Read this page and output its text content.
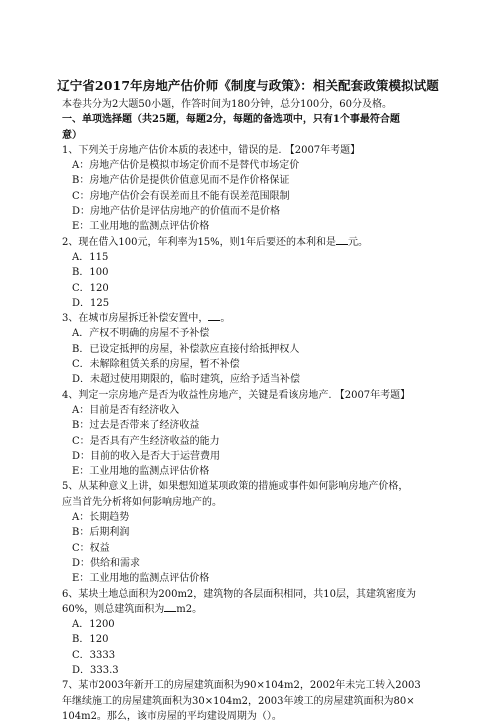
辽宁省2017年房地产估价师《制度与政策》：相关配套政策模拟试题
本卷共分为2大题50小题，作答时间为180分钟，总分100分，60分及格。
一、单项选择题（共25题，每题2分，每题的备选项中，只有1个事最符合题
意）
1、下列关于房地产估价本质的表述中，错误的是. 【2007年考题】
A：房地产估价是模拟市场定价而不是替代市场定价
B：房地产估价是提供价值意见而不是作价格保证
C：房地产估价会有误差而且不能有误差范围限制
D：房地产估价是评估房地产的价值而不是价格
E：工业用地的监测点评估价格
2、现在借入100元，年利率为15%，则1年后要还的本利和是 元。
A．115
B．100
C．120
D．125
3、在城市房屋拆迁补偿安置中， 。
A．产权不明确的房屋不予补偿
B．已设定抵押的房屋，补偿款应直接付给抵押权人
C．未解除租赁关系的房屋，暂不补偿
D．未超过使用期限的，临时建筑，应给予适当补偿
4、判定一宗房地产是否为收益性房地产，关键是看该房地产. 【2007年考题】
A：目前是否有经济收入
B：过去是否带来了经济收益
C：是否具有产生经济收益的能力
D：目前的收入是否大于运营费用
E：工业用地的监测点评估价格
5、从某种意义上讲，如果想知道某项政策的措施或事件如何影响房地产价格，
应当首先分析将如何影响房地产的。
A：长期趋势
B：后期利润
C：权益
D：供给和需求
E：工业用地的监测点评估价格
6、某块土地总面积为200m2，建筑物的各层面积相同，共10层，其建筑密度为
60%，则总建筑面积为 m2。
A．1200
B．120
C．3333
D．333.3
7、某市2003年新开工的房屋建筑面积为90×104m2，2002年未完工转入2003
年继续施工的房屋建筑面积为30×104m2，2003年竣工的房屋建筑面积为80×
104m2。那么，该市房屋的平均建设周期为（）。
